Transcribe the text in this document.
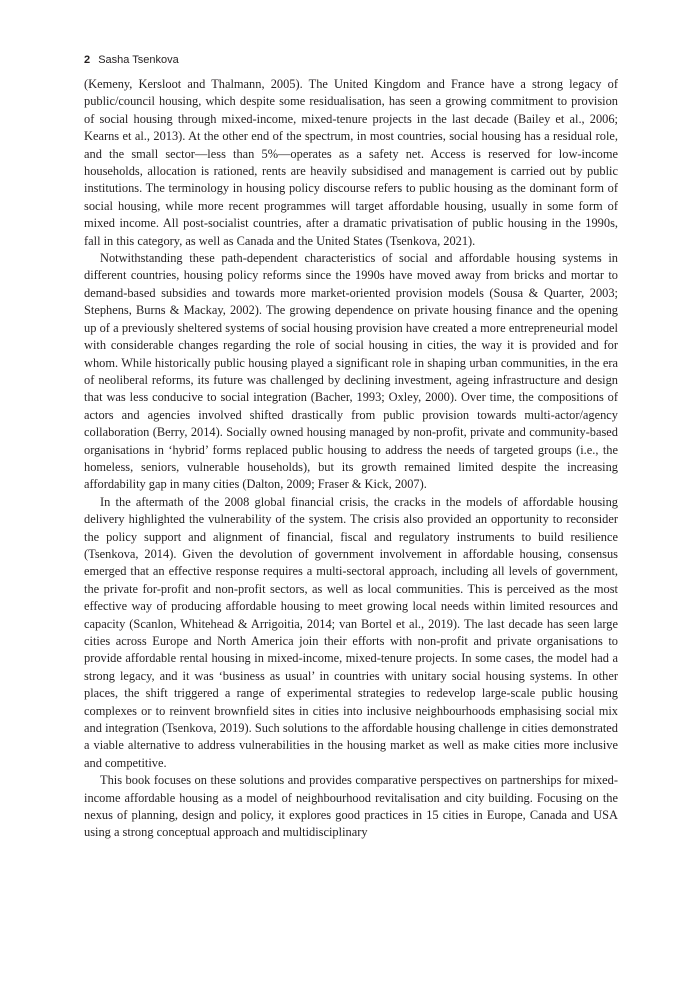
2 Sasha Tsenkova

(Kemeny, Kersloot and Thalmann, 2005). The United Kingdom and France have a strong legacy of public/council housing, which despite some residualisation, has seen a growing commitment to provision of social housing through mixed-income, mixed-tenure projects in the last decade (Bailey et al., 2006; Kearns et al., 2013). At the other end of the spectrum, in most countries, social housing has a residual role, and the small sector—less than 5%—operates as a safety net. Access is reserved for low-income households, allocation is rationed, rents are heavily subsidised and management is carried out by public institutions. The terminology in housing policy discourse refers to public housing as the dominant form of social housing, while more recent programmes will target affordable housing, usually in some form of mixed income. All post-socialist countries, after a dramatic privatisation of public housing in the 1990s, fall in this category, as well as Canada and the United States (Tsenkova, 2021).

Notwithstanding these path-dependent characteristics of social and affordable housing systems in different countries, housing policy reforms since the 1990s have moved away from bricks and mortar to demand-based subsidies and towards more market-oriented provision models (Sousa & Quarter, 2003; Stephens, Burns & Mackay, 2002). The growing dependence on private housing finance and the opening up of a previously sheltered systems of social housing provision have created a more entrepreneurial model with considerable changes regarding the role of social housing in cities, the way it is provided and for whom. While historically public housing played a significant role in shaping urban communities, in the era of neoliberal reforms, its future was challenged by declining investment, ageing infrastructure and design that was less conducive to social integration (Bacher, 1993; Oxley, 2000). Over time, the compositions of actors and agencies involved shifted drastically from public provision towards multi-actor/agency collaboration (Berry, 2014). Socially owned housing managed by non-profit, private and community-based organisations in ‘hybrid’ forms replaced public housing to address the needs of targeted groups (i.e., the homeless, seniors, vulnerable households), but its growth remained limited despite the increasing affordability gap in many cities (Dalton, 2009; Fraser & Kick, 2007).

In the aftermath of the 2008 global financial crisis, the cracks in the models of affordable housing delivery highlighted the vulnerability of the system. The crisis also provided an opportunity to reconsider the policy support and alignment of financial, fiscal and regulatory instruments to build resilience (Tsenkova, 2014). Given the devolution of government involvement in affordable housing, consensus emerged that an effective response requires a multi-sectoral approach, including all levels of government, the private for-profit and non-profit sectors, as well as local communities. This is perceived as the most effective way of producing affordable housing to meet growing local needs within limited resources and capacity (Scanlon, Whitehead & Arrigoitia, 2014; van Bortel et al., 2019). The last decade has seen large cities across Europe and North America join their efforts with non-profit and private organisations to provide affordable rental housing in mixed-income, mixed-tenure projects. In some cases, the model had a strong legacy, and it was ‘business as usual’ in countries with unitary social housing systems. In other places, the shift triggered a range of experimental strategies to redevelop large-scale public housing complexes or to reinvent brownfield sites in cities into inclusive neighbourhoods emphasising social mix and integration (Tsenkova, 2019). Such solutions to the affordable housing challenge in cities demonstrated a viable alternative to address vulnerabilities in the housing market as well as make cities more inclusive and competitive.

This book focuses on these solutions and provides comparative perspectives on partnerships for mixed-income affordable housing as a model of neighbourhood revitalisation and city building. Focusing on the nexus of planning, design and policy, it explores good practices in 15 cities in Europe, Canada and USA using a strong conceptual approach and multidisciplinary
